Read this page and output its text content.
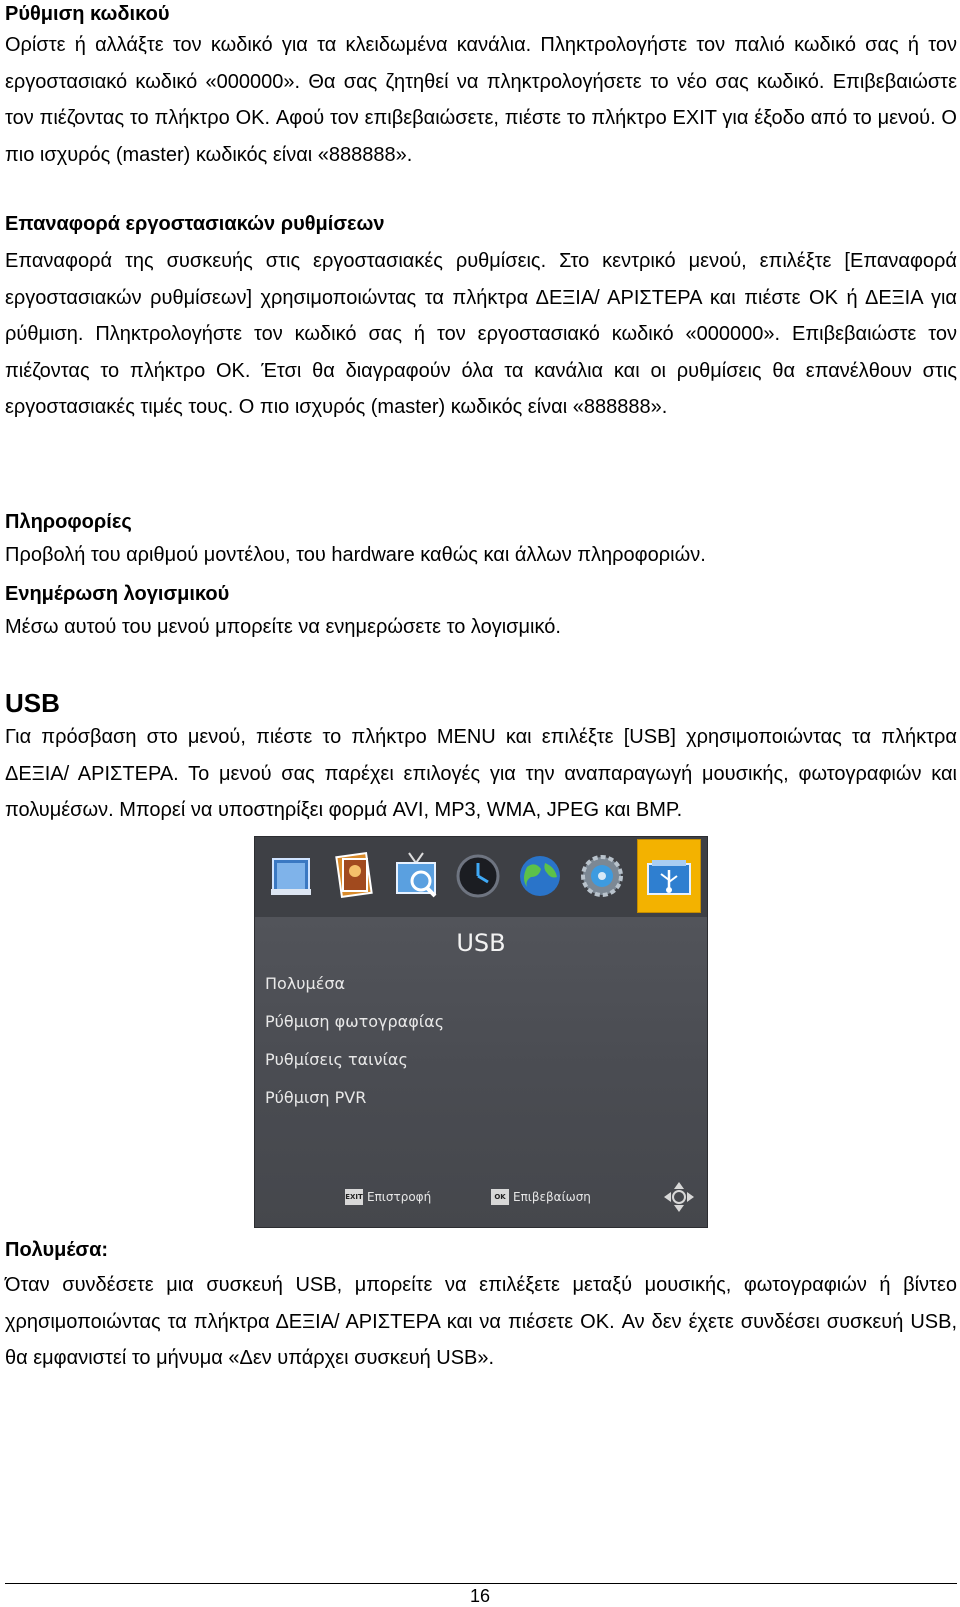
Ρύθμιση κωδικού

Ορίστε ή αλλάξτε τον κωδικό για τα κλειδωμένα κανάλια. Πληκτρολογήστε τον παλιό κωδικό σας ή τον εργοστασιακό κωδικό «000000». Θα σας ζητηθεί να πληκτρολογήσετε το νέο σας κωδικό. Επιβεβαιώστε τον πιέζοντας το πλήκτρο OK. Αφού τον επιβεβαιώσετε, πιέστε το πλήκτρο EXIT για έξοδο από το μενού. Ο πιο ισχυρός (master) κωδικός είναι «888888».

Επαναφορά εργοστασιακών ρυθμίσεων

Επαναφορά της συσκευής στις εργοστασιακές ρυθμίσεις. Στο κεντρικό μενού, επιλέξτε [Επαναφορά εργοστασιακών ρυθμίσεων] χρησιμοποιώντας τα πλήκτρα ΔΕΞΙΑ/ ΑΡΙΣΤΕΡΑ και πιέστε OK ή ΔΕΞΙΑ για ρύθμιση. Πληκτρολογήστε τον κωδικό σας ή τον εργοστασιακό κωδικό «000000». Επιβεβαιώστε τον πιέζοντας το πλήκτρο OK. Έτσι θα διαγραφούν όλα τα κανάλια και οι ρυθμίσεις θα επανέλθουν στις εργοστασιακές τιμές τους. Ο πιο ισχυρός (master) κωδικός είναι «888888».

Πληροφορίες

Προβολή του αριθμού μοντέλου, του hardware καθώς και άλλων πληροφοριών.

Ενημέρωση λογισμικού

Μέσω αυτού του μενού μπορείτε να ενημερώσετε το λογισμικό.

USB

Για πρόσβαση στο μενού, πιέστε το πλήκτρο MENU και επιλέξτε [USB] χρησιμοποιώντας τα πλήκτρα ΔΕΞΙΑ/ ΑΡΙΣΤΕΡΑ. Το μενού σας παρέχει επιλογές για την αναπαραγωγή μουσικής, φωτογραφιών και πολυμέσων. Μπορεί να υποστηρίξει φορμά AVI, MP3, WMA, JPEG και BMP.

USB
Πολυμέσα
Ρύθμιση φωτογραφίας
Ρυθμίσεις ταινίας
Ρύθμιση PVR
EXIT Επιστροφή	OK Επιβεβαίωση
Πολυμέσα:

Όταν συνδέσετε μια συσκευή USB, μπορείτε να επιλέξετε μεταξύ μουσικής, φωτογραφιών ή βίντεο χρησιμοποιώντας τα πλήκτρα ΔΕΞΙΑ/ ΑΡΙΣΤΕΡΑ και να πιέσετε OK. Αν δεν έχετε συνδέσει συσκευή USB, θα εμφανιστεί το μήνυμα «Δεν υπάρχει συσκευή USB».

16
